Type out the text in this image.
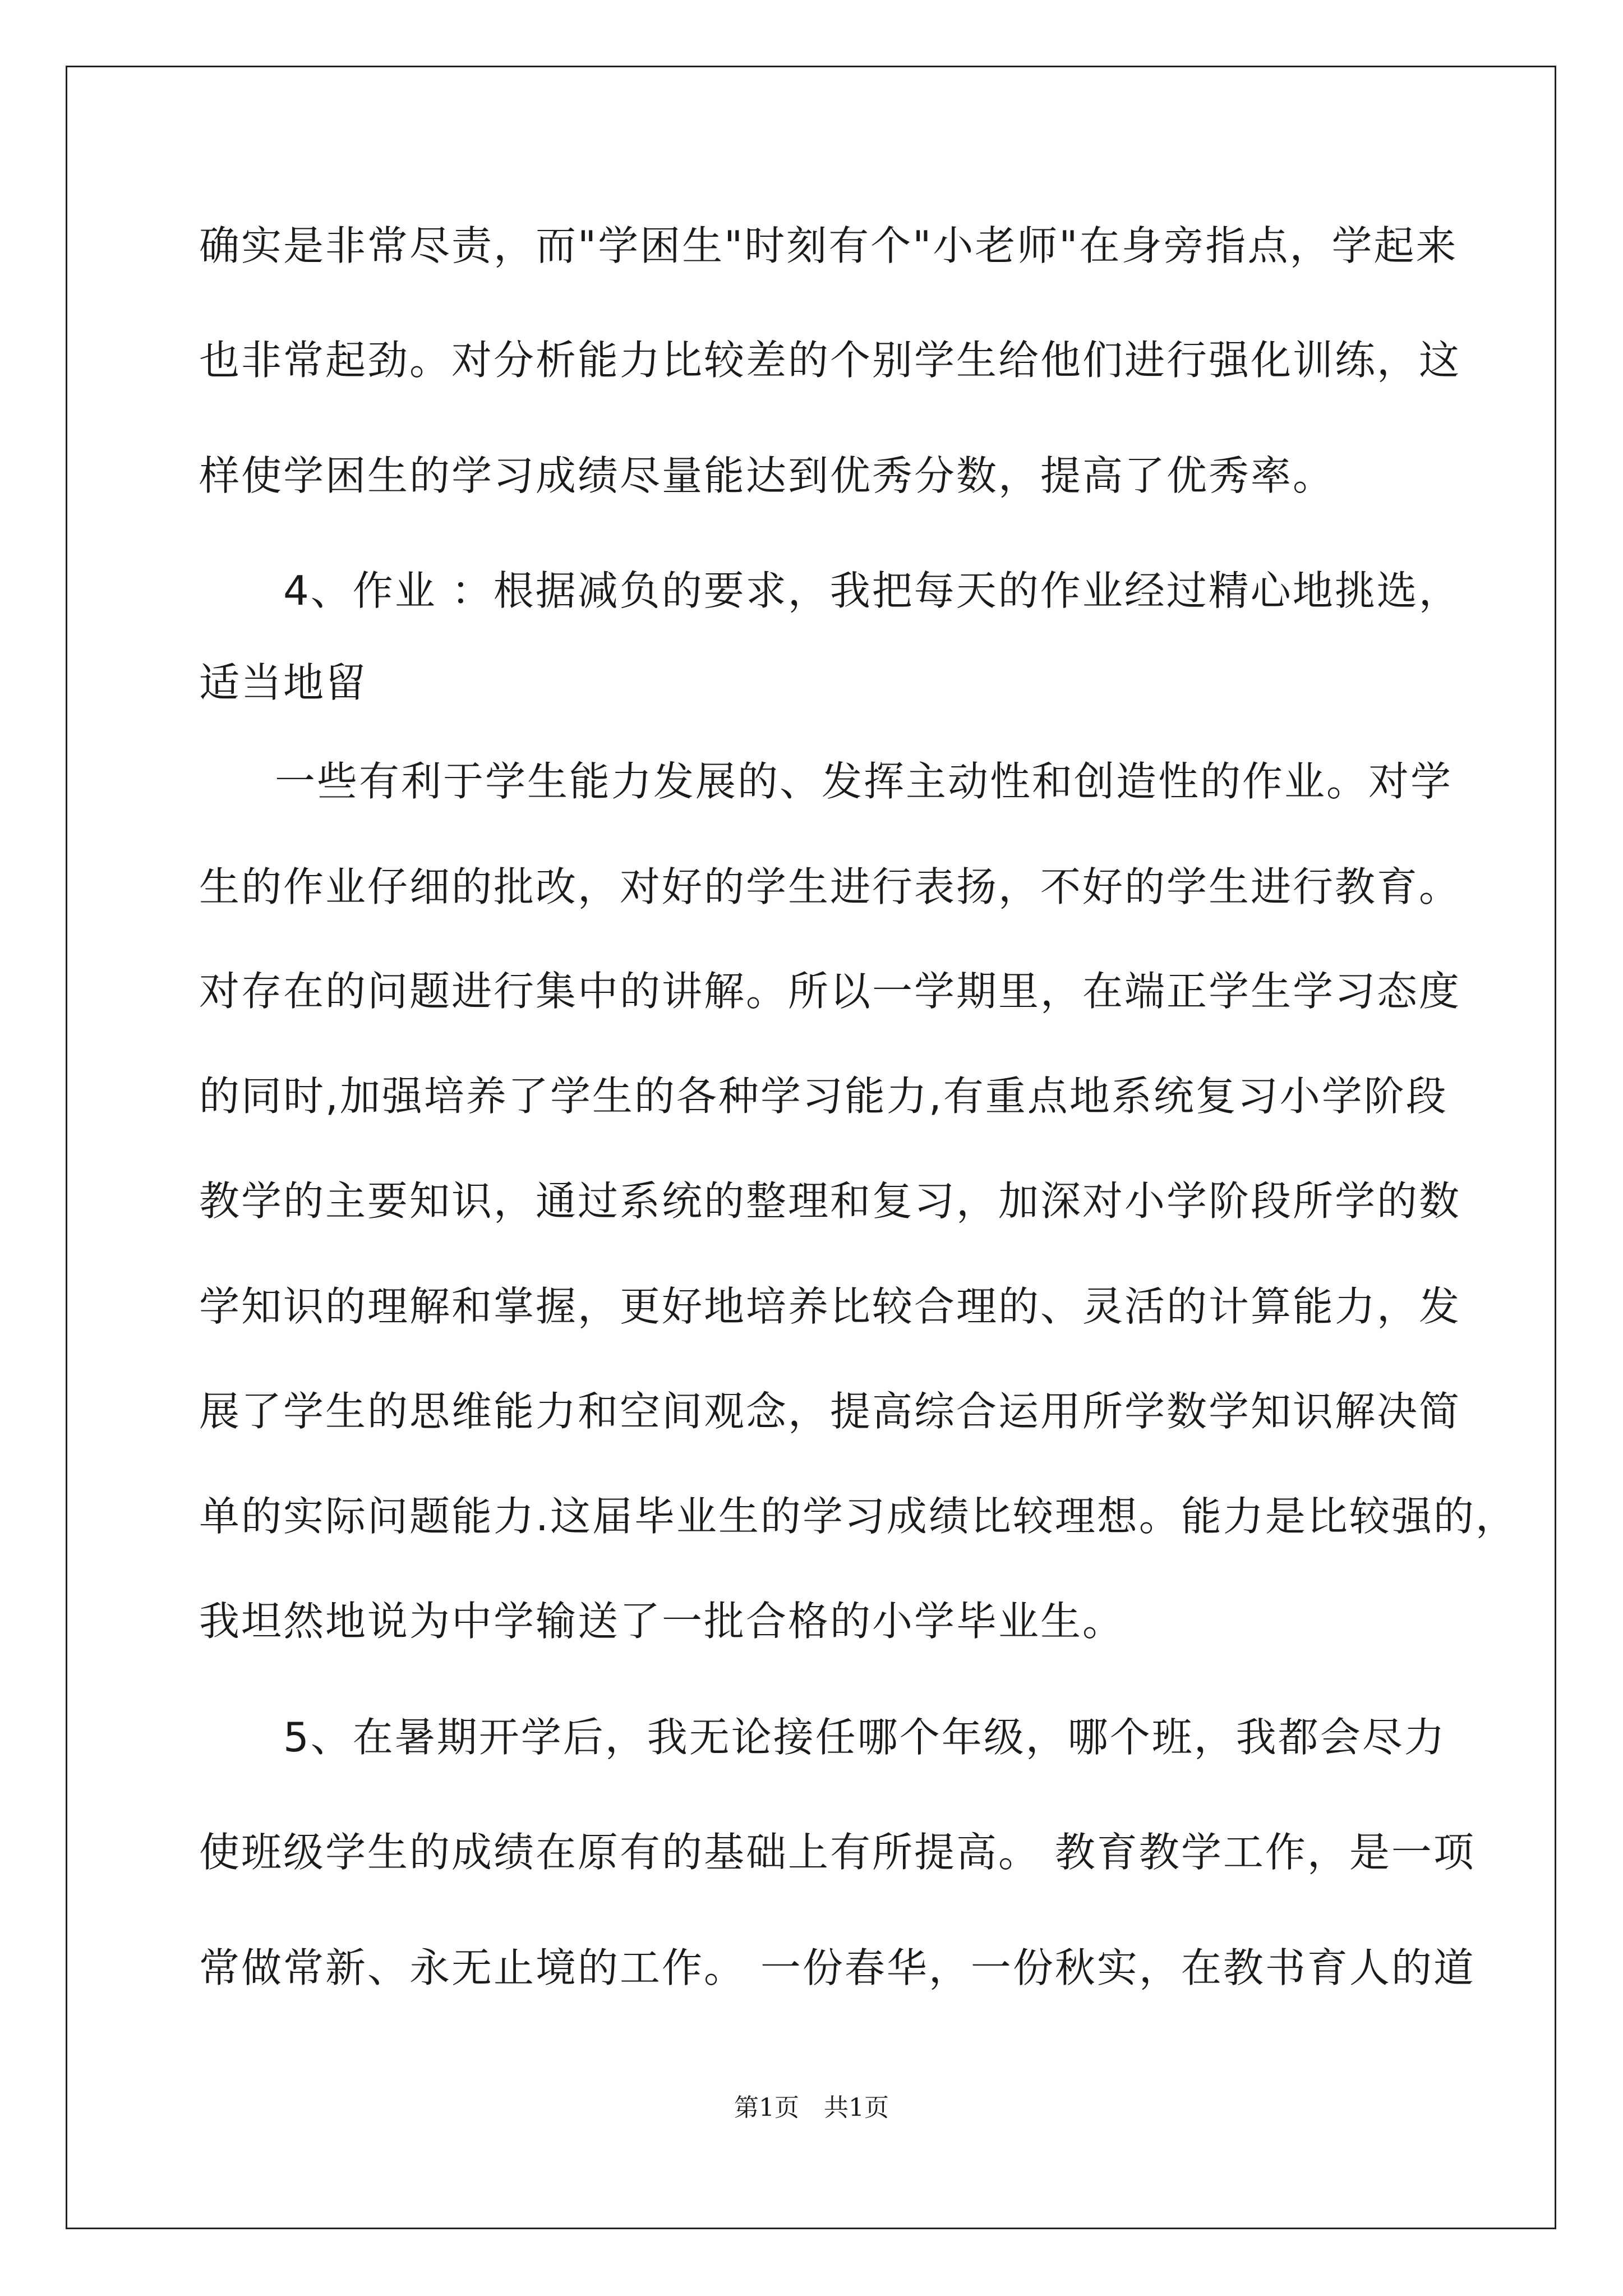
确实是非常尽责，而"学困生"时刻有个"小老师"在身旁指点，学起来
也非常起劲。对分析能力比较差的个别学生给他们进行强化训练，这
样使学困生的学习成绩尽量能达到优秀分数，提高了优秀率。
4、作业 ：根据减负的要求，我把每天的作业经过精心地挑选，
适当地留
一些有利于学生能力发展的、发挥主动性和创造性的作业。对学
生的作业仔细的批改，对好的学生进行表扬，不好的学生进行教育。
对存在的问题进行集中的讲解。所以一学期里，在端正学生学习态度
的同时,加强培养了学生的各种学习能力,有重点地系统复习小学阶段
教学的主要知识，通过系统的整理和复习，加深对小学阶段所学的数
学知识的理解和掌握，更好地培养比较合理的、灵活的计算能力，发
展了学生的思维能力和空间观念，提高综合运用所学数学知识解决简
单的实际问题能力.这届毕业生的学习成绩比较理想。能力是比较强的，
我坦然地说为中学输送了一批合格的小学毕业生。
5、在暑期开学后，我无论接任哪个年级，哪个班，我都会尽力
使班级学生的成绩在原有的基础上有所提高。 教育教学工作，是一项
常做常新、永无止境的工作。 一份春华，一份秋实，在教书育人的道
第1页　共1页
